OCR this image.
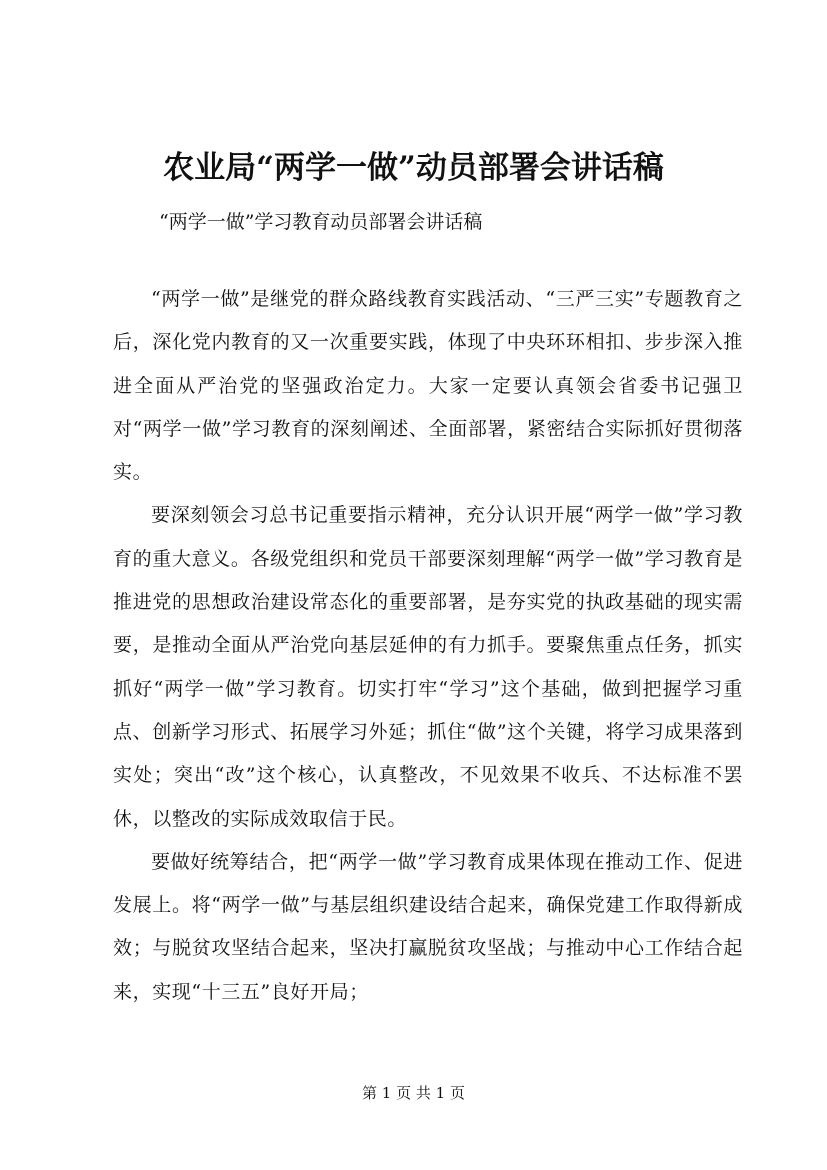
农业局“两学一做”动员部署会讲话稿
“两学一做”学习教育动员部署会讲话稿

“两学一做”是继党的群众路线教育实践活动、“三严三实”专题教育之后，深化党内教育的又一次重要实践，体现了中央环环相扣、步步深入推进全面从严治党的坚强政治定力。大家一定要认真领会省委书记强卫对“两学一做”学习教育的深刻阐述、全面部署，紧密结合实际抓好贯彻落实。

要深刻领会习总书记重要指示精神，充分认识开展“两学一做”学习教育的重大意义。各级党组织和党员干部要深刻理解“两学一做”学习教育是推进党的思想政治建设常态化的重要部署，是夯实党的执政基础的现实需要，是推动全面从严治党向基层延伸的有力抓手。要聚焦重点任务，抓实抓好“两学一做”学习教育。切实打牢“学习”这个基础，做到把握学习重点、创新学习形式、拓展学习外延；抓住“做”这个关键，将学习成果落到实处；突出“改”这个核心，认真整改，不见效果不收兵、不达标准不罢休，以整改的实际成效取信于民。

要做好统筹结合，把“两学一做”学习教育成果体现在推动工作、促进发展上。将“两学一做”与基层组织建设结合起来，确保党建工作取得新成效；与脱贫攻坚结合起来，坚决打赢脱贫攻坚战；与推动中心工作结合起来，实现“十三五”良好开局；

第 1 页 共 1 页
